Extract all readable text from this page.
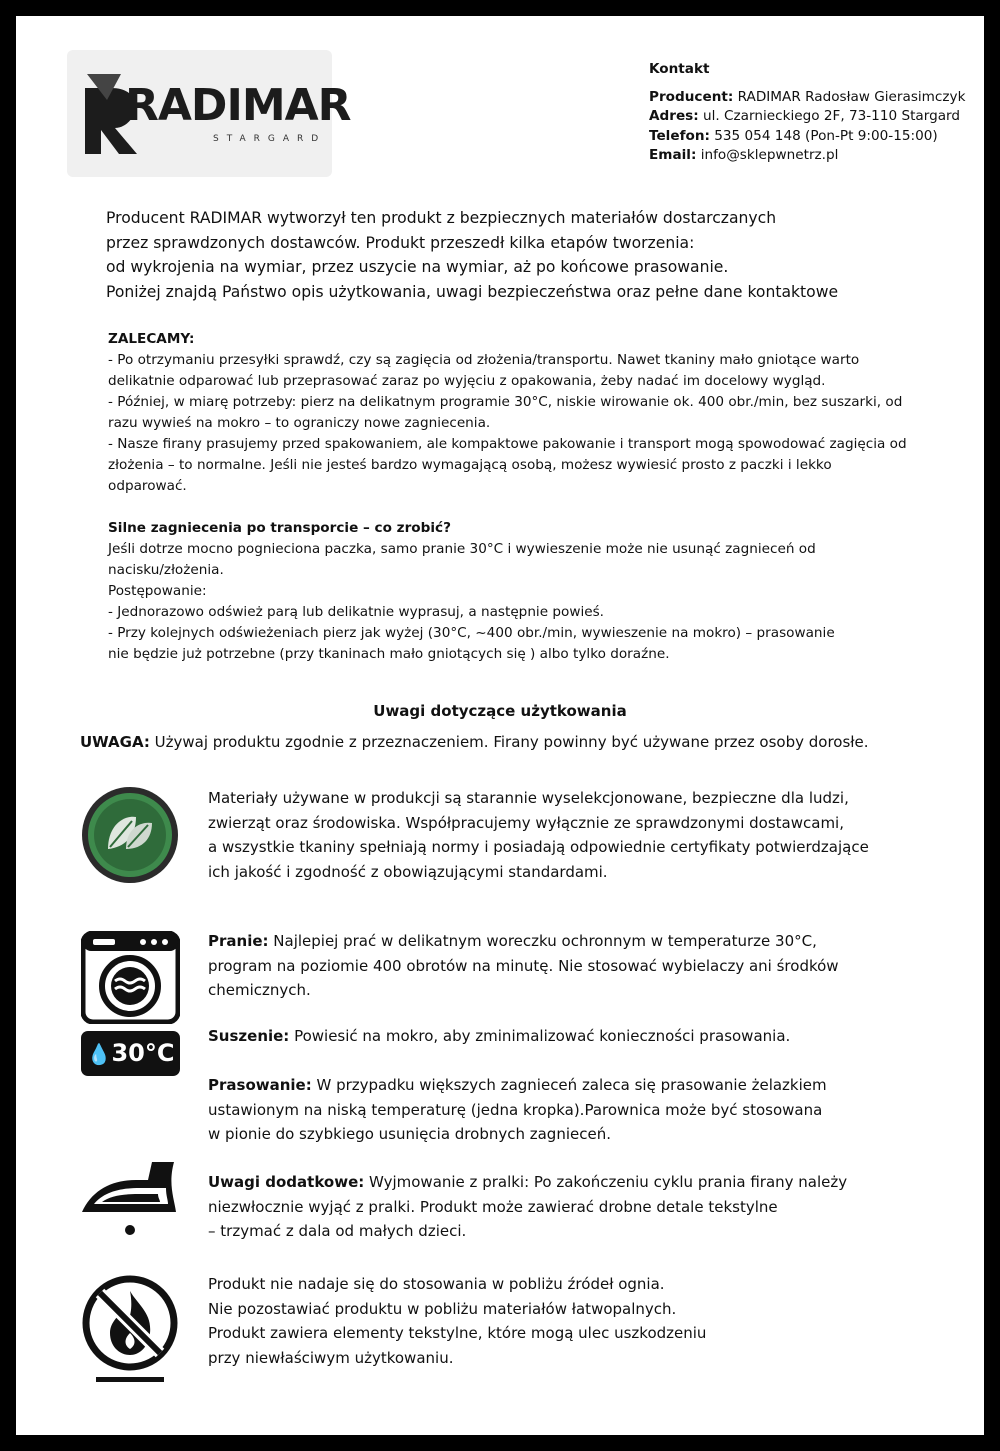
RADIMAR
STARGARD
Kontakt
Producent: RADIMAR Radosław Gierasimczyk
Adres: ul. Czarnieckiego 2F, 73-110 Stargard
Telefon: 535 054 148 (Pon-Pt 9:00-15:00)
Email: info@sklepwnetrz.pl
Producent RADIMAR wytworzył ten produkt z bezpiecznych materiałów dostarczanych
przez sprawdzonych dostawców. Produkt przeszedł kilka etapów tworzenia:
od wykrojenia na wymiar, przez uszycie na wymiar, aż po końcowe prasowanie.
Poniżej znajdą Państwo opis użytkowania, uwagi bezpieczeństwa oraz pełne dane kontaktowe
ZALECAMY:
- Po otrzymaniu przesyłki sprawdź, czy są zagięcia od złożenia/transportu. Nawet tkaniny mało gniotące warto
delikatnie odparować lub przeprasować zaraz po wyjęciu z opakowania, żeby nadać im docelowy wygląd.
- Później, w miarę potrzeby: pierz na delikatnym programie 30°C, niskie wirowanie ok. 400 obr./min, bez suszarki, od
razu wywieś na mokro – to ograniczy nowe zagniecenia.
- Nasze firany prasujemy przed spakowaniem, ale kompaktowe pakowanie i transport mogą spowodować zagięcia od
złożenia – to normalne. Jeśli nie jesteś bardzo wymagającą osobą, możesz wywiesić prosto z paczki i lekko
odparować.
Silne zagniecenia po transporcie – co zrobić?
Jeśli dotrze mocno pognieciona paczka, samo pranie 30°C i wywieszenie może nie usunąć zagnieceń od
nacisku/złożenia.
Postępowanie:
- Jednorazowo odśwież parą lub delikatnie wyprasuj, a następnie powieś.
- Przy kolejnych odświeżeniach pierz jak wyżej (30°C, ~400 obr./min, wywieszenie na mokro) – prasowanie
nie będzie już potrzebne (przy tkaninach mało gniotących się ) albo tylko doraźne.
Uwagi dotyczące użytkowania
UWAGA: Używaj produktu zgodnie z przeznaczeniem. Firany powinny być używane przez osoby dorosłe.
Materiały używane w produkcji są starannie wyselekcjonowane, bezpieczne dla ludzi,
zwierząt oraz środowiska. Współpracujemy wyłącznie ze sprawdzonymi dostawcami,
a wszystkie tkaniny spełniają normy i posiadają odpowiednie certyfikaty potwierdzające
ich jakość i zgodność z obowiązującymi standardami.
💧30°C
Pranie: Najlepiej prać w delikatnym woreczku ochronnym w temperaturze 30°C,
program na poziomie 400 obrotów na minutę. Nie stosować wybielaczy ani środków
chemicznych.
Suszenie: Powiesić na mokro, aby zminimalizować konieczności prasowania.
Prasowanie: W przypadku większych zagnieceń zaleca się prasowanie żelazkiem
ustawionym na niską temperaturę (jedna kropka).Parownica może być stosowana
w pionie do szybkiego usunięcia drobnych zagnieceń.
Uwagi dodatkowe: Wyjmowanie z pralki: Po zakończeniu cyklu prania firany należy
niezwłocznie wyjąć z pralki. Produkt może zawierać drobne detale tekstylne
– trzymać z dala od małych dzieci.
Produkt nie nadaje się do stosowania w pobliżu źródeł ognia.
Nie pozostawiać produktu w pobliżu materiałów łatwopalnych.
Produkt zawiera elementy tekstylne, które mogą ulec uszkodzeniu
przy niewłaściwym użytkowaniu.
